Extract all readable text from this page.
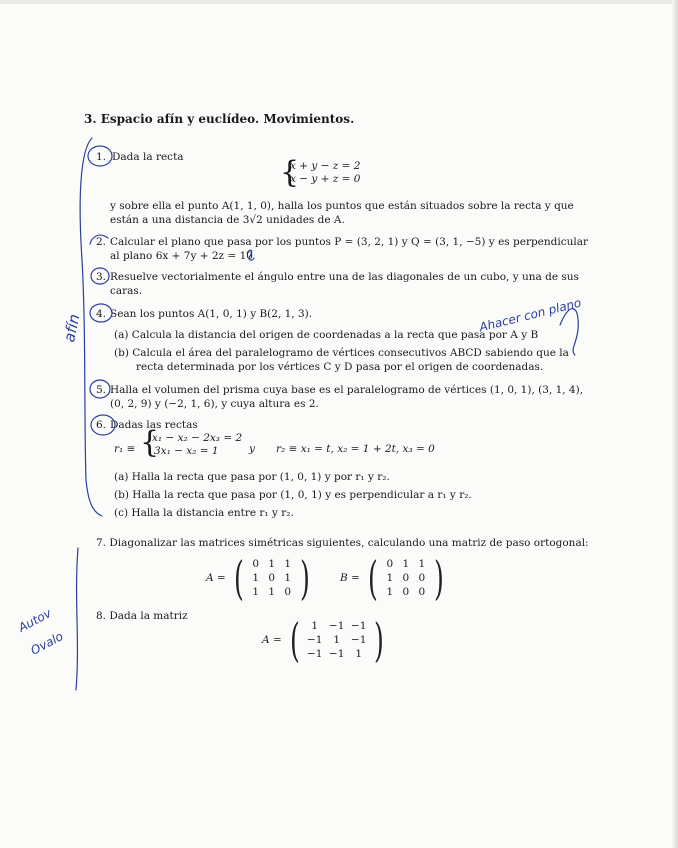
3. Espacio afín y euclídeo. Movimientos.
1. Dada la recta	{
x + y − z = 2
x − y + z = 0
y sobre ella el punto A(1, 1, 0), halla los puntos que están situados sobre la recta y que
están a una distancia de 3√2 unidades de A.
2. Calcular el plano que pasa por los puntos P = (3, 2, 1) y Q = (3, 1, −5) y es perpendicular
al plano 6x + 7y + 2z = 10
3. Resuelve vectorialmente el ángulo entre una de las diagonales de un cubo, y una de sus
caras.
4. Sean los puntos A(1, 0, 1) y B(2, 1, 3).
(a) Calcula la distancia del origen de coordenadas a la recta que pasa por A y B
(b) Calcula el área del paralelogramo de vértices consecutivos ABCD sabiendo que la
recta determinada por los vértices C y D pasa por el origen de coordenadas.
5. Halla el volumen del prisma cuya base es el paralelogramo de vértices (1, 0, 1), (3, 1, 4),
(0, 2, 9) y (−2, 1, 6), y cuya altura es 2.
6. Dadas las rectas
r₁ ≡ {
x₁ − x₂ − 2x₃ = 2
3x₁ − x₂ = 1	y r₂ ≡ x₁ = t, x₂ = 1 + 2t, x₃ = 0
(a) Halla la recta que pasa por (1, 0, 1) y por r₁ y r₂.
(b) Halla la recta que pasa por (1, 0, 1) y es perpendicular a r₁ y r₂.
(c) Halla la distancia entre r₁ y r₂.
7. Diagonalizar las matrices simétricas siguientes, calculando una matriz de paso ortogonal:
A = ( 0 1 1
1 0 1
1 1 0 )	B = ( 0 1 1
1 0 0
1 0 0 )
8. Dada la matriz
A = (	1	−1 −1
−1	1	−1
−1 −1	1 )
afín
Autov Ovalo
Ahacer con plano
